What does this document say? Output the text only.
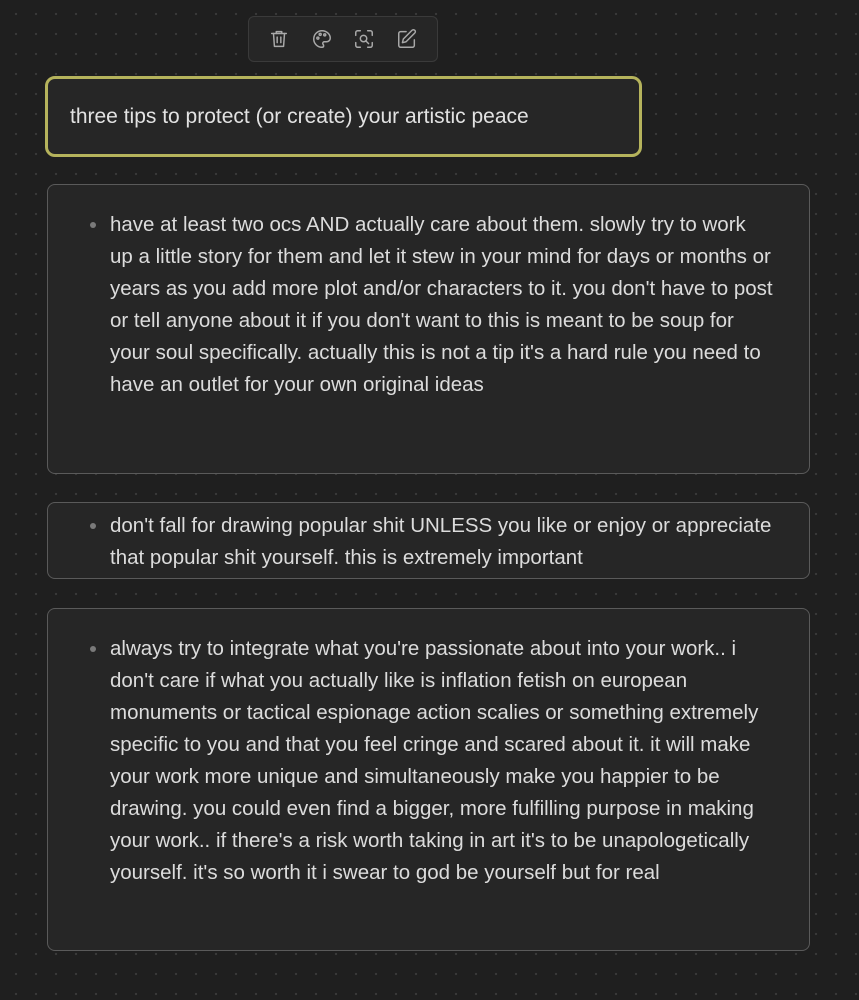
three tips to protect (or create) your artistic peace
have at least two ocs AND actually care about them. slowly try to work up a little story for them and let it stew in your mind for days or months or years as you add more plot and/or characters to it. you don't have to post or tell anyone about it if you don't want to this is meant to be soup for your soul specifically. actually this is not a tip it's a hard rule you need to have an outlet for your own original ideas
don't fall for drawing popular shit UNLESS you like or enjoy or appreciate that popular shit yourself. this is extremely important
always try to integrate what you're passionate about into your work.. i don't care if what you actually like is inflation fetish on european monuments or tactical espionage action scalies or something extremely specific to you and that you feel cringe and scared about it. it will make your work more unique and simultaneously make you happier to be drawing. you could even find a bigger, more fulfilling purpose in making your work.. if there's a risk worth taking in art it's to be unapologetically yourself. it's so worth it i swear to god be yourself but for real
